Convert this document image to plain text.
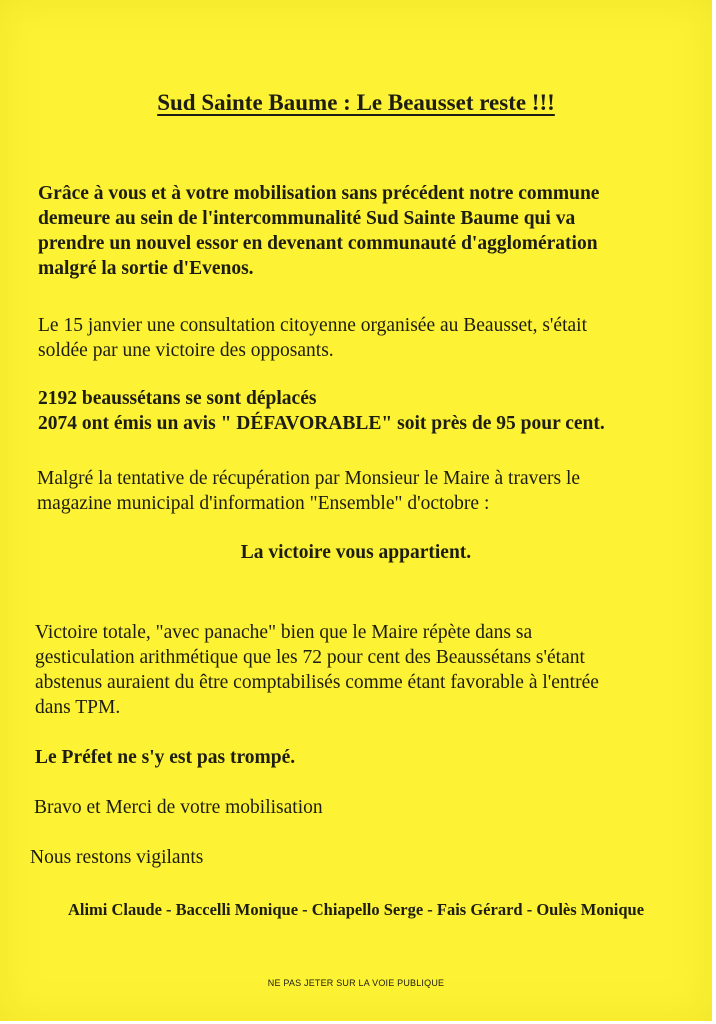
Sud Sainte Baume : Le Beausset reste !!!
Grâce à vous et à votre mobilisation sans précédent notre commune
demeure au sein de l'intercommunalité Sud Sainte Baume qui va
prendre un nouvel essor en devenant communauté d'agglomération
malgré la sortie d'Evenos.
Le 15 janvier une consultation citoyenne organisée au Beausset, s'était
soldée par une victoire des opposants.
2192 beaussétans se sont déplacés
2074 ont émis un avis " DÉFAVORABLE" soit près de 95 pour cent.
Malgré la tentative de récupération par Monsieur le Maire à travers le
magazine municipal d'information "Ensemble" d'octobre :
La victoire vous appartient.
Victoire totale, "avec panache" bien que le Maire répète dans sa
gesticulation arithmétique que les 72 pour cent des Beaussétans s'étant
abstenus auraient du être comptabilisés comme étant favorable à l'entrée
dans TPM.
Le Préfet ne s'y est pas trompé.
Bravo et Merci de votre mobilisation
Nous restons vigilants
Alimi Claude - Baccelli Monique - Chiapello Serge - Fais Gérard - Oulès Monique
NE PAS JETER SUR LA VOIE PUBLIQUE
